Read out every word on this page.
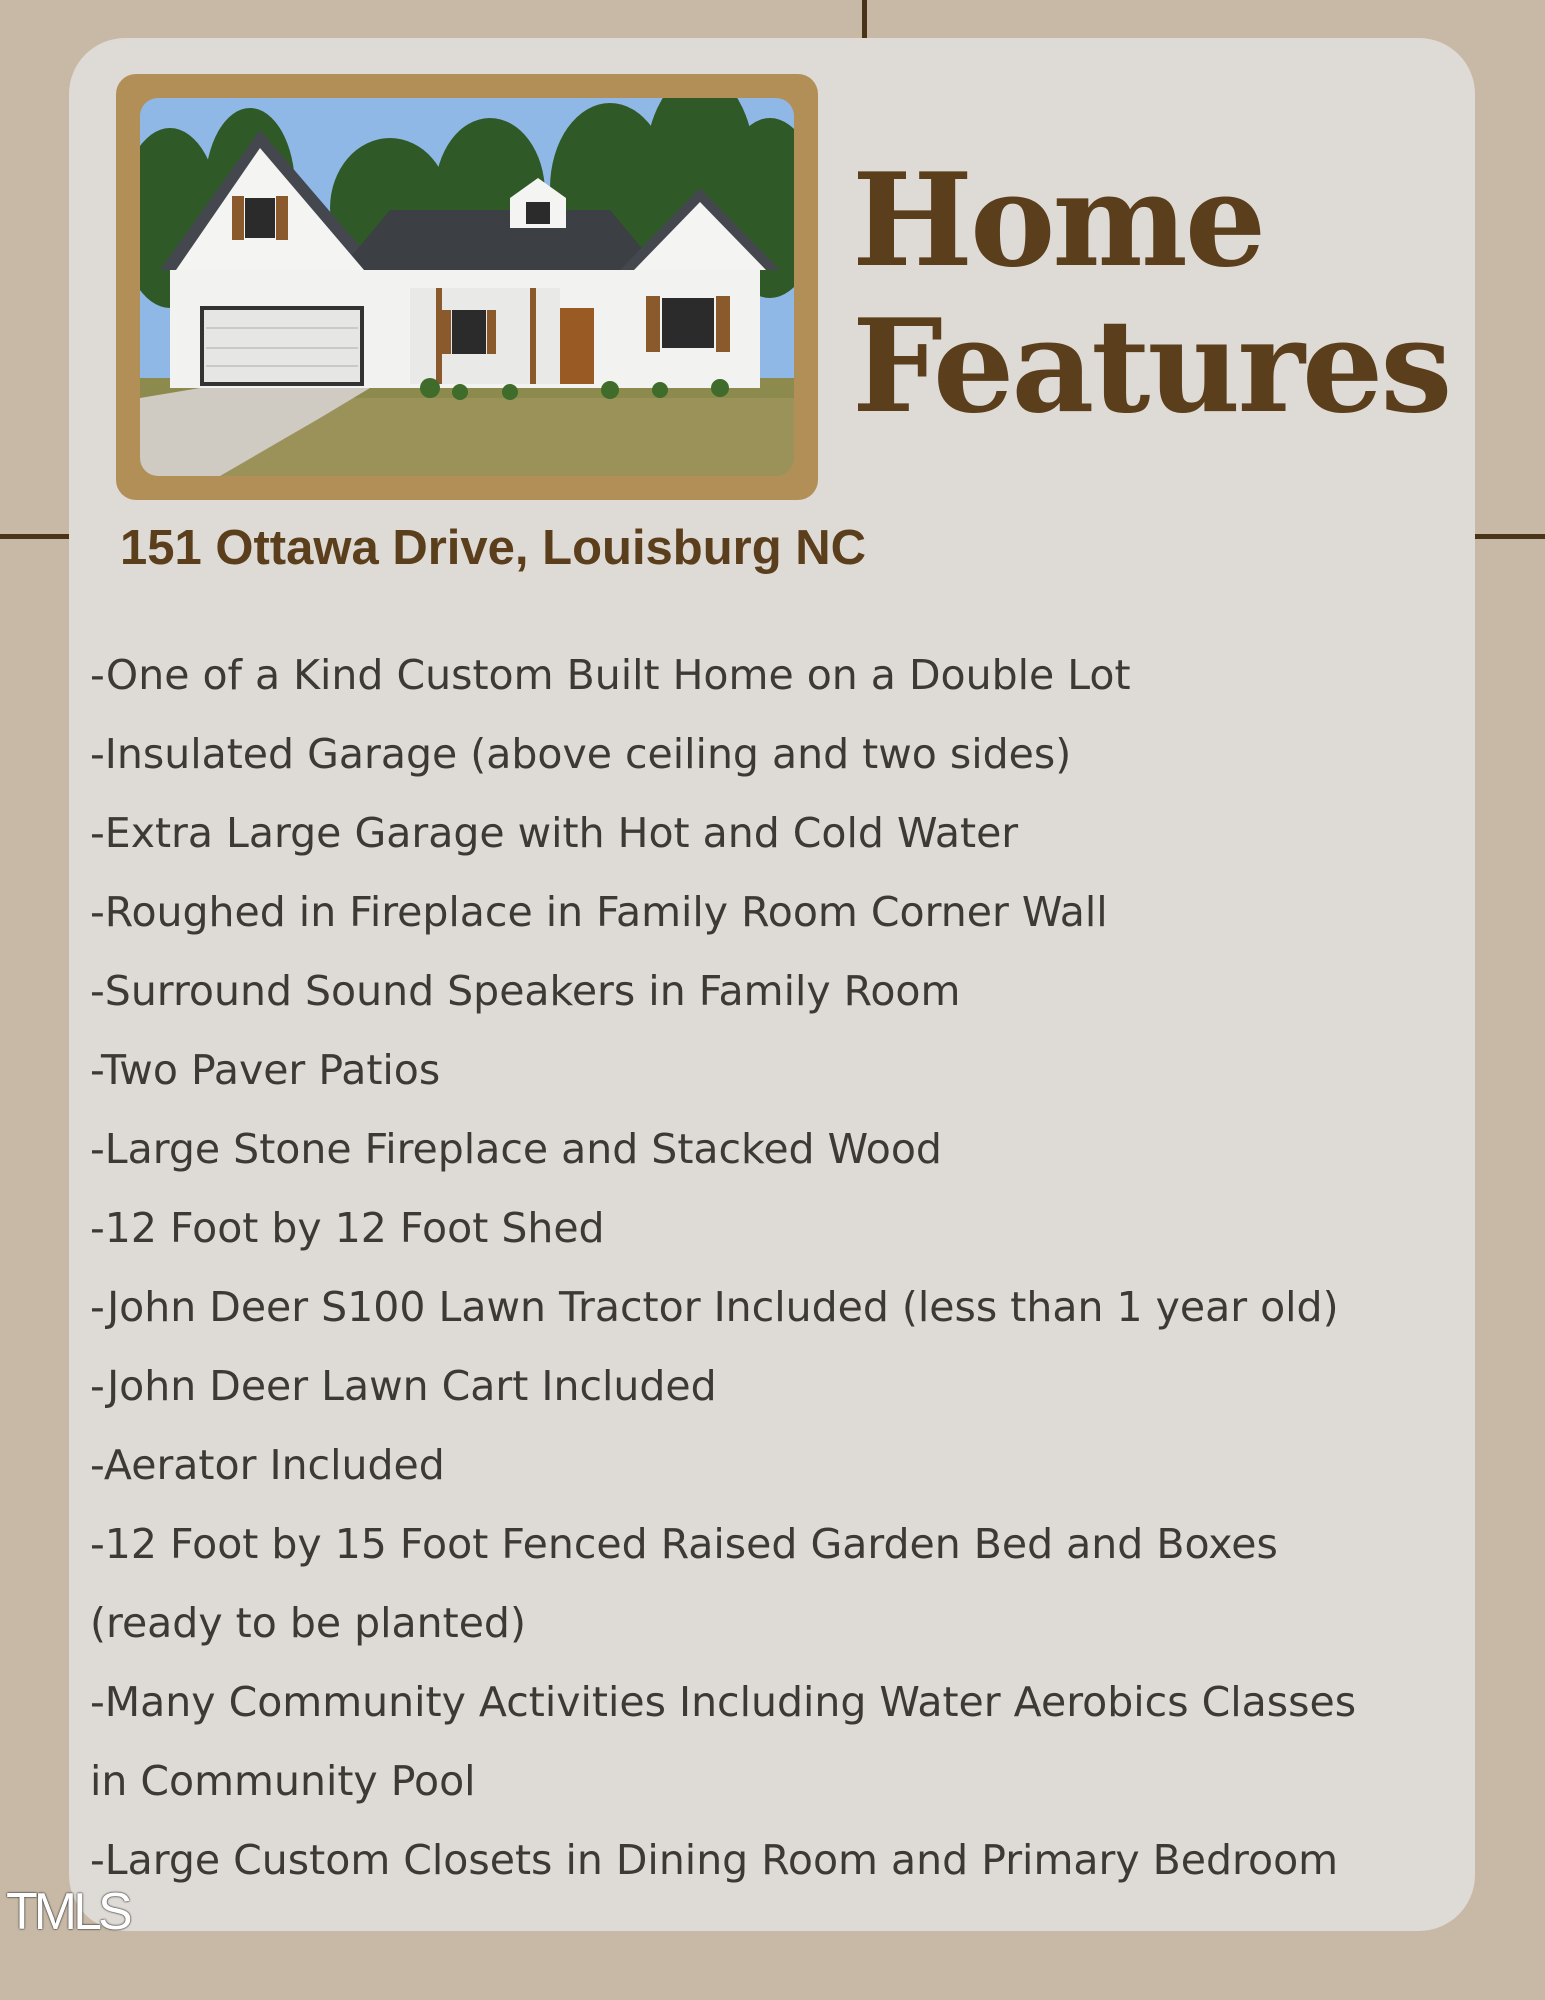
Home
Features
151 Ottawa Drive, Louisburg NC
-One of a Kind Custom Built Home on a Double Lot
-Insulated Garage (above ceiling and two sides)
-Extra Large Garage with Hot and Cold Water
-Roughed in Fireplace in Family Room Corner Wall
-Surround Sound Speakers in Family Room
-Two Paver Patios
-Large Stone Fireplace and Stacked Wood
-12 Foot by 12 Foot Shed
-John Deer S100 Lawn Tractor Included (less than 1 year old)
-John Deer Lawn Cart Included
-Aerator Included
-12 Foot by 15 Foot Fenced Raised Garden Bed and Boxes
(ready to be planted)
-Many Community Activities Including Water Aerobics Classes
in Community Pool
-Large Custom Closets in Dining Room and Primary Bedroom
TMLS
